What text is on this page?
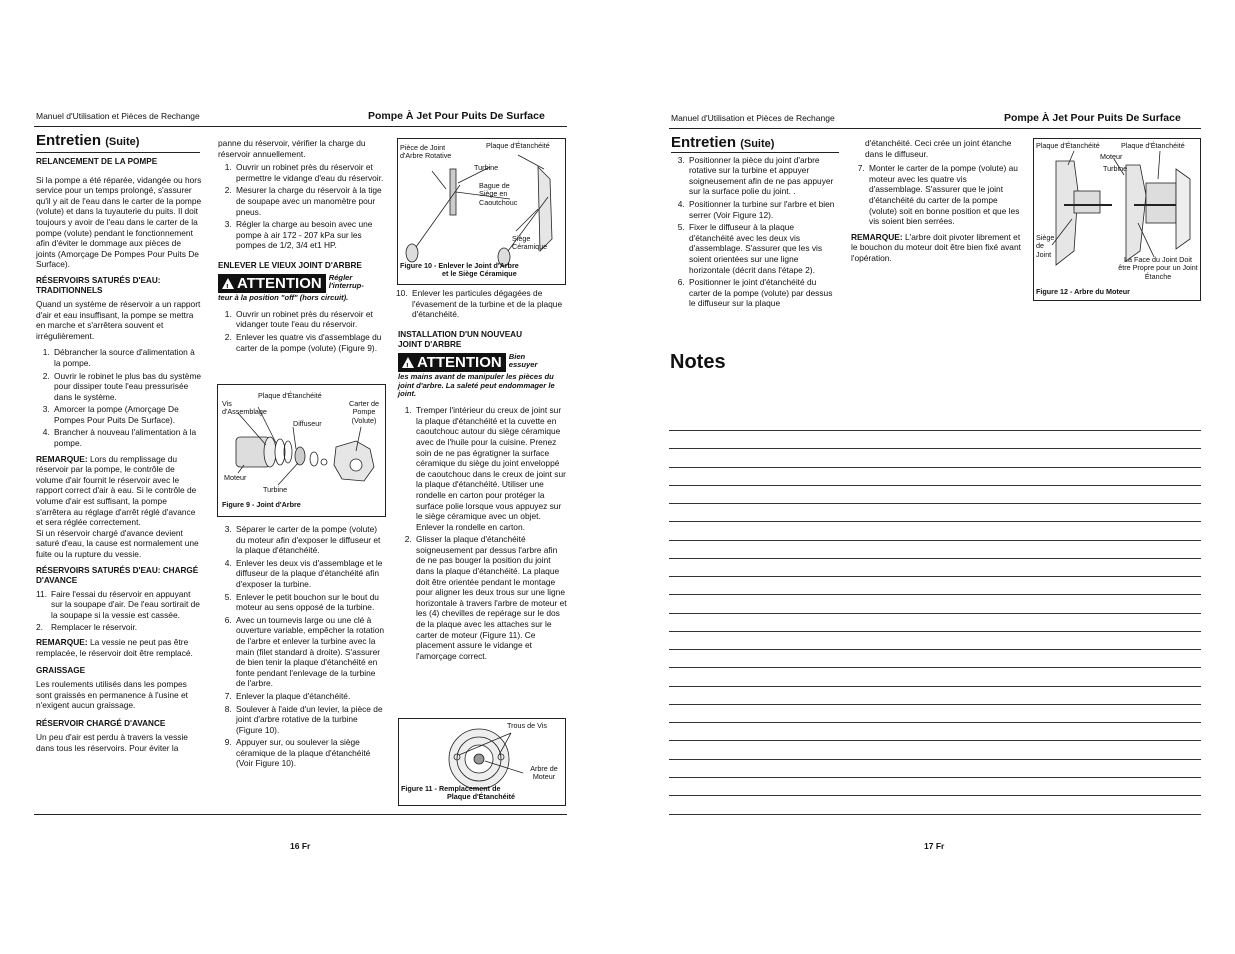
Manuel d'Utilisation et Pièces de Rechange	Pompe À Jet Pour Puits De Surface
Entretien (Suite)
RELANCEMENT DE LA POMPE

Si la pompe a été réparée, vidangée ou hors service pour un temps prolongé, s'assurer qu'il y ait de l'eau dans le carter de la pompe (volute) et dans la tuyauterie du puits. Il doit toujours y avoir de l'eau dans le carter de la pompe (volute) pendant le fonctionnement afin d'éviter le dommage aux pièces de joints (Amorçage De Pompes Pour Puits De Surface).

RÉSERVOIRS SATURÉS D'EAU: TRADITIONNELS

Quand un système de réservoir a un rapport d'air et eau insuffisant, la pompe se mettra en marche et s'arrêtera souvent et irrégulièrement.

1. Débrancher la source d'alimentation à la pompe.
2. Ouvrir le robinet le plus bas du système pour dissiper toute l'eau pressurisée dans le système.
3. Amorcer la pompe (Amorçage De Pompes Pour Puits De Surface).
4. Brancher à nouveau l'alimentation à la pompe.

REMARQUE: Lors du remplissage du réservoir par la pompe, le contrôle de volume d'air fournit le réservoir avec le rapport correct d'air à eau. Si le contrôle de volume d'air est suffisant, la pompe s'arrêtera au réglage d'arrêt réglé d'avance et sera réglée correctement.

Si un réservoir chargé d'avance devient saturé d'eau, la cause est normalement une fuite ou la rupture du vessie.

RÉSERVOIRS SATURÉS D'EAU: CHARGÉ D'AVANCE
11. Faire l'essai du réservoir en appuyant sur la soupape d'air. De l'eau sortirait de la soupape si la vessie est cassée.
2. Remplacer le réservoir.

REMARQUE: La vessie ne peut pas être remplacée, le réservoir doit être remplacé.

GRAISSAGE

Les roulements utilisés dans les pompes sont graissés en permanence à l'usine et n'exigent aucun graissage.

RÉSERVOIR CHARGÉ D'AVANCE

Un peu d'air est perdu à travers la vessie dans tous les réservoirs. Pour éviter la

panne du réservoir, vérifier la charge du réservoir annuellement.

1. Ouvrir un robinet près du réservoir et permettre le vidange d'eau du réservoir.
2. Mesurer la charge du réservoir à la tige de soupape avec un manomètre pour pneus.
3. Régler la charge au besoin avec une pompe à air 172 - 207 kPa sur les pompes de 1/2, 3/4 et1 HP.
ENLEVER LE VIEUX JOINT D'ARBRE
! ATTENTION Régler l'interrup-
teur à la position "off" (hors circuit).
1. Ouvrir un robinet près du réservoir et vidanger toute l'eau du réservoir.
2. Enlever les quatre vis d'assemblage du carter de la pompe (volute) (Figure 9).
Plaque d'Étanchéité
Vis d'Assemblage
Diffuseur
Carter de Pompe (Volute)
Moteur
Turbine
Figure 9 - Joint d'Arbre
3. Séparer le carter de la pompe (volute) du moteur afin d'exposer le diffuseur et la plaque d'étanchéité.
4. Enlever les deux vis d'assemblage et le diffuseur de la plaque d'étanchéité afin d'exposer la turbine.
5. Enlever le petit bouchon sur le bout du moteur au sens opposé de la turbine.
6. Avec un tournevis large ou une clé à ouverture variable, empêcher la rotation de l'arbre et enlever la turbine avec la main (filet standard à droite). S'assurer de bien tenir la plaque d'étanchéité en fonte pendant l'enlevage de la turbine de l'arbre.
7. Enlever la plaque d'étanchéité.
8. Soulever à l'aide d'un levier, la pièce de joint d'arbre rotative de la turbine (Figure 10).
9. Appuyer sur, ou soulever la siège céramique de la plaque d'étanchéité (Voir Figure 10).
Pièce de Joint d'Arbre Rotative
Plaque d'Étanchéité
Turbine
Bague de Siège en Caoutchouc
Siège Céramique
Figure 10 - Enlever le Joint d'Arbre
et le Siège Céramique
10. Enlever les particules dégagées de l'évasement de la turbine et de la plaque d'étanchéité.
INSTALLATION D'UN NOUVEAU JOINT D'ARBRE
! ATTENTION Bien essuyer
les mains avant de manipuler les pièces du joint d'arbre. La saleté peut endommager le joint.
1. Tremper l'intérieur du creux de joint sur la plaque d'étanchéité et la cuvette en caoutchouc autour du siège céramique avec de l'huile pour la cuisine. Prenez soin de ne pas égratigner la surface céramique du siège du joint enveloppé de caoutchouc dans le creux de joint sur la plaque d'étanchéité. Utiliser une rondelle en carton pour protéger la surface polie lorsque vous appuyez sur le siège céramique avec un objet. Enlever la rondelle en carton.
2. Glisser la plaque d'étanchéité soigneusement par dessus l'arbre afin de ne pas bouger la position du joint dans la plaque d'étanchéité. La plaque doit être orientée pendant le montage pour aligner les deux trous sur une ligne horizontale à travers l'arbre de moteur et les (4) chevilles de repérage sur le dos de la plaque avec les attaches sur le carter de moteur (Figure 11). Ce placement assure le vidange et l'amorçage correct.
Trous de Vis
Arbre de Moteur
Figure 11 - Remplacement de
Plaque d'Étanchéité
16 Fr
Manuel d'Utilisation et Pièces de Rechange	Pompe À Jet Pour Puits De Surface
Entretien (Suite)
3. Positionner la pièce du joint d'arbre rotative sur la turbine et appuyer soigneusement afin de ne pas appuyer sur la surface polie du joint. .
4. Positionner la turbine sur l'arbre et bien serrer (Voir Figure 12).
5. Fixer le diffuseur à la plaque d'étanchéité avec les deux vis d'assemblage. S'assurer que les vis soient orientées sur une ligne horizontale (décrit dans l'étape 2).
6. Positionner le joint d'étanchéité du carter de la pompe (volute) par dessus le diffuseur sur la plaque

d'étanchéité. Ceci crée un joint étanche dans le diffuseur.

7. Monter le carter de la pompe (volute) au moteur avec les quatre vis d'assemblage. S'assurer que le joint d'étanchéité du carter de la pompe (volute) soit en bonne position et que les vis soient bien serrées.

REMARQUE: L'arbre doit pivoter librement et le bouchon du moteur doit être bien fixé avant l'opération.

Plaque d'Étanchéité	Plaque d'Étanchéité
Moteur
Turbine
Siège de Joint
La Face du Joint Doit être Propre pour un Joint Étanche
Figure 12 - Arbre du Moteur
Notes
17 Fr
